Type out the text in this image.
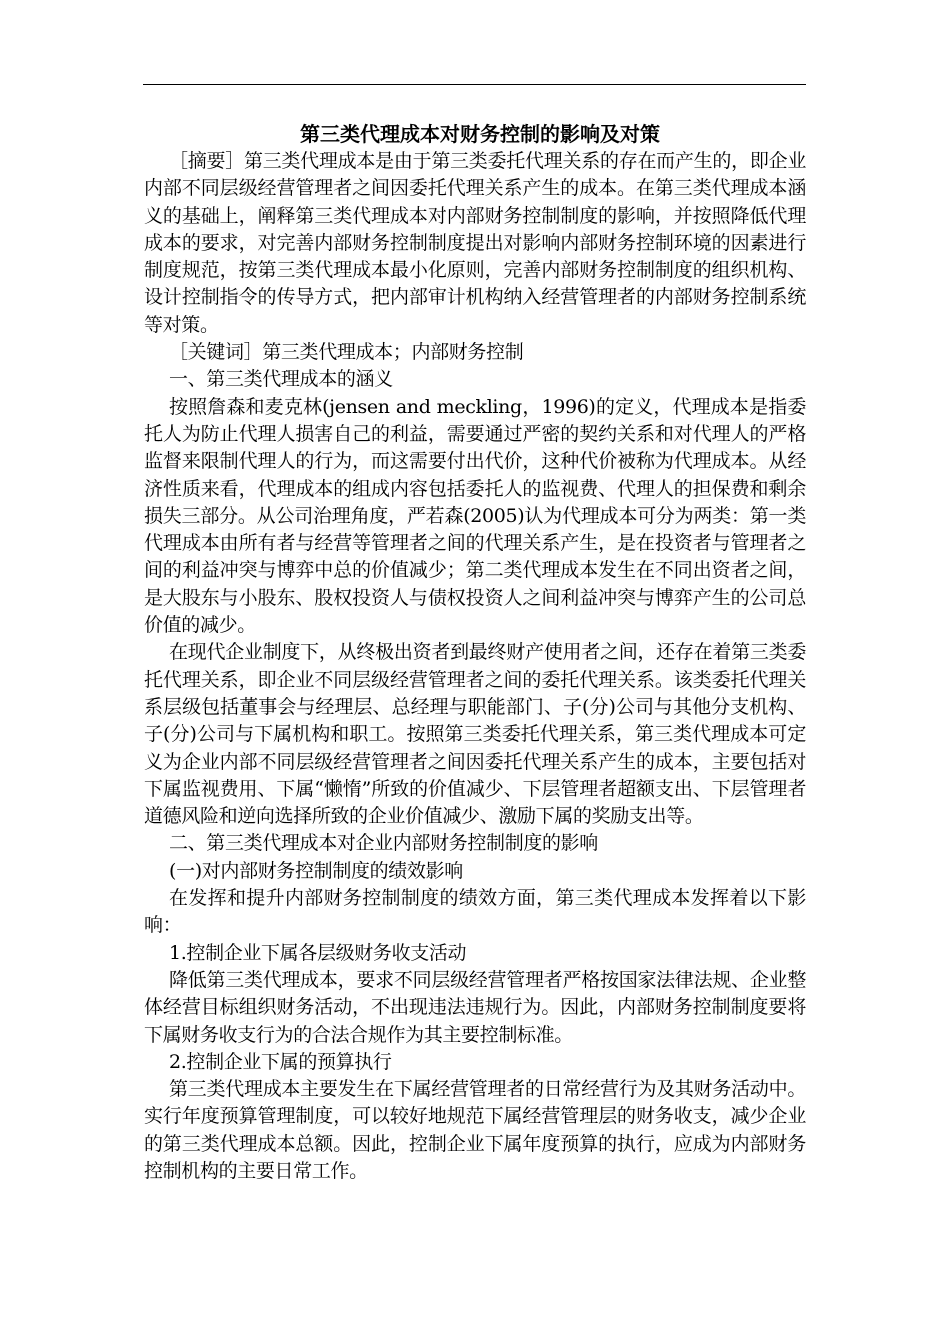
第三类代理成本对财务控制的影响及对策

［摘要］第三类代理成本是由于第三类委托代理关系的存在而产生的，即企业内部不同层级经营管理者之间因委托代理关系产生的成本。在第三类代理成本涵义的基础上，阐释第三类代理成本对内部财务控制制度的影响，并按照降低代理成本的要求，对完善内部财务控制制度提出对影响内部财务控制环境的因素进行制度规范，按第三类代理成本最小化原则，完善内部财务控制制度的组织机构、设计控制指令的传导方式，把内部审计机构纳入经营管理者的内部财务控制系统等对策。

［关键词］第三类代理成本；内部财务控制

一、第三类代理成本的涵义

按照詹森和麦克林(jensen and meckling，1996)的定义，代理成本是指委托人为防止代理人损害自己的利益，需要通过严密的契约关系和对代理人的严格监督来限制代理人的行为，而这需要付出代价，这种代价被称为代理成本。从经济性质来看，代理成本的组成内容包括委托人的监视费、代理人的担保费和剩余损失三部分。从公司治理角度，严若森(2005)认为代理成本可分为两类：第一类代理成本由所有者与经营等管理者之间的代理关系产生，是在投资者与管理者之间的利益冲突与博弈中总的价值减少；第二类代理成本发生在不同出资者之间，是大股东与小股东、股权投资人与债权投资人之间利益冲突与博弈产生的公司总价值的减少。

在现代企业制度下，从终极出资者到最终财产使用者之间，还存在着第三类委托代理关系，即企业不同层级经营管理者之间的委托代理关系。该类委托代理关系层级包括董事会与经理层、总经理与职能部门、子(分)公司与其他分支机构、子(分)公司与下属机构和职工。按照第三类委托代理关系，第三类代理成本可定义为企业内部不同层级经营管理者之间因委托代理关系产生的成本，主要包括对下属监视费用、下属“懒惰”所致的价值减少、下层管理者超额支出、下层管理者道德风险和逆向选择所致的企业价值减少、激励下属的奖励支出等。

二、第三类代理成本对企业内部财务控制制度的影响

(一)对内部财务控制制度的绩效影响

在发挥和提升内部财务控制制度的绩效方面，第三类代理成本发挥着以下影响：

1.控制企业下属各层级财务收支活动

降低第三类代理成本，要求不同层级经营管理者严格按国家法律法规、企业整体经营目标组织财务活动，不出现违法违规行为。因此，内部财务控制制度要将下属财务收支行为的合法合规作为其主要控制标准。

2.控制企业下属的预算执行

第三类代理成本主要发生在下属经营管理者的日常经营行为及其财务活动中。实行年度预算管理制度，可以较好地规范下属经营管理层的财务收支，减少企业的第三类代理成本总额。因此，控制企业下属年度预算的执行，应成为内部财务控制机构的主要日常工作。
